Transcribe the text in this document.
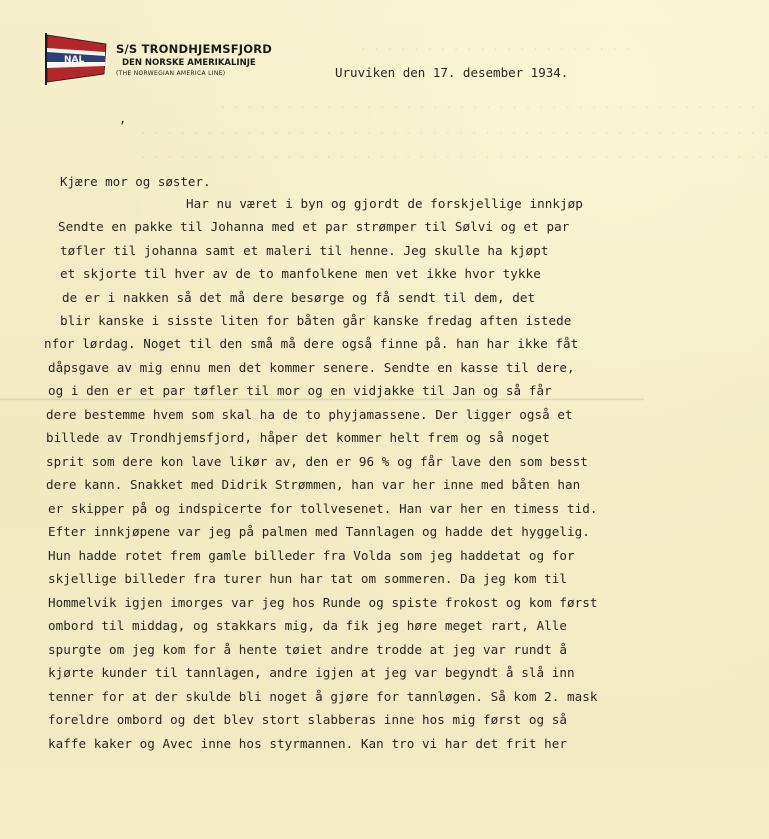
. . . . . . . . . . . . . . . . . . . . .
. . . . . . . . . . . . . . . . . . . . . . . . . . . . . . . . . . . . . . . . .
. . . . . . . . . . . . . . . . . . . . . . . . . . . . . . . . . . . . . . . . . . . . . . . .
. . . . . . . . . . . . . . . . . . . . . . . . . . . . . . . . . . . . . . . . . . . . . . . .
NAL
S/S TRONDHJEMSFJORD
DEN NORSKE AMERIKALINJE
(THE NORWEGIAN AMERICA LINE)	Uruviken den 17. desember 1934.
,
Kjære mor og søster.
Har nu været i byn og gjordt de forskjellige innkjøp
Sendte en pakke til Johanna med et par strømper til Sølvi og et par
tøfler til johanna samt et maleri til henne. Jeg skulle ha kjøpt
et skjorte til hver av de to manfolkene men vet ikke hvor tykke
de er i nakken så det må dere besørge og få sendt til dem, det
blir kanske i sisste liten for båten går kanske fredag aften istede
nfor lørdag. Noget til den små må dere også finne på. han har ikke fåt
dåpsgave av mig ennu men det kommer senere. Sendte en kasse til dere,
og i den er et par tøfler til mor og en vidjakke til Jan og så får
dere bestemme hvem som skal ha de to phyjamassene. Der ligger også et
billede av Trondhjemsfjord, håper det kommer helt frem og så noget
sprit som dere kon lave likør av, den er 96 % og får lave den som besst
dere kann. Snakket med Didrik Strømmen, han var her inne med båten han
er skipper på og indspicerte for tollvesenet. Han var her en timess tid.
Efter innkjøpene var jeg på palmen med Tannlagen og hadde det hyggelig.
Hun hadde rotet frem gamle billeder fra Volda som jeg haddetat og for
skjellige billeder fra turer hun har tat om sommeren. Da jeg kom til
Hommelvik igjen imorges var jeg hos Runde og spiste frokost og kom først
ombord til middag, og stakkars mig, da fik jeg høre meget rart, Alle
spurgte om jeg kom for å hente tøiet andre trodde at jeg var rundt å
kjørte kunder til tannlagen, andre igjen at jeg var begyndt å slå inn
tenner for at der skulde bli noget å gjøre for tannløgen. Så kom 2. mask
foreldre ombord og det blev stort slabberas inne hos mig først og så
kaffe kaker og Avec inne hos styrmannen. Kan tro vi har det frit her
